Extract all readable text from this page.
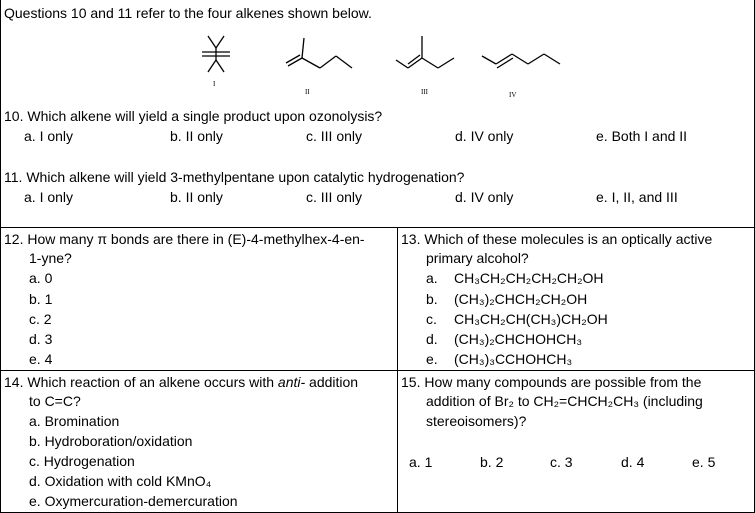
Questions 10 and 11 refer to the four alkenes shown below.
I
II	III	IV
10. Which alkene will yield a single product upon ozonolysis?
a. I only	b. II only	c. III only	d. IV only	e. Both I and II
11. Which alkene will yield 3-methylpentane upon catalytic hydrogenation?
a. I only	b. II only	c. III only	d. IV only	e. I, II, and III
12. How many π bonds are there in (E)-4-methylhex-4-en-
1-yne?
a. 0
b. 1
c. 2
d. 3
e. 4
13. Which of these molecules is an optically active
primary alcohol?
a. CH₃CH₂CH₂CH₂CH₂OH
b. (CH₃)₂CHCH₂CH₂OH
c. CH₃CH₂CH(CH₃)CH₂OH
d. (CH₃)₂CHCHOHCH₃
e. (CH₃)₃CCHOHCH₃
14. Which reaction of an alkene occurs with anti- addition
to C=C?
a. Bromination
b. Hydroboration/oxidation
c. Hydrogenation
d. Oxidation with cold KMnO₄
e. Oxymercuration-demercuration
15. How many compounds are possible from the
addition of Br₂ to CH₂=CHCH₂CH₃ (including
stereoisomers)?
a. 1	b. 2	c. 3	d. 4	e. 5
